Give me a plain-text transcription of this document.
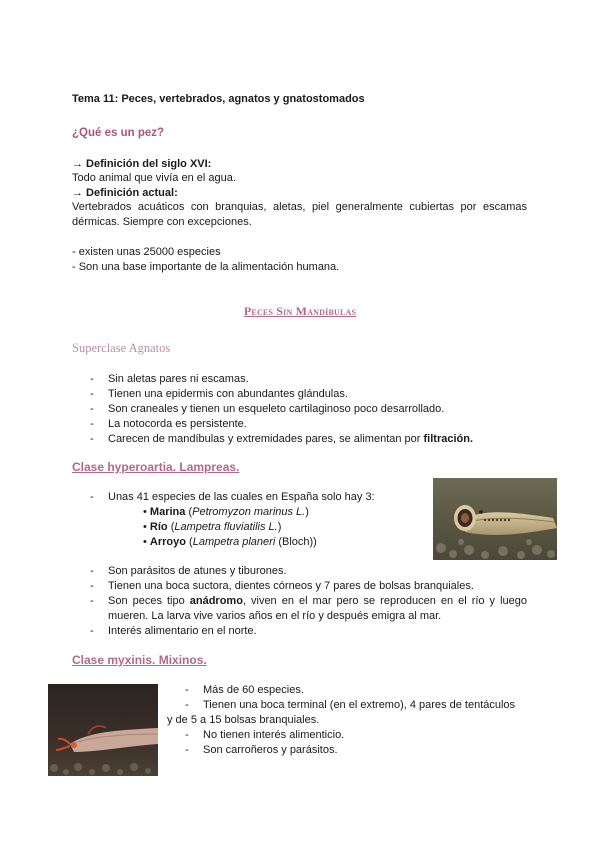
Tema 11: Peces, vertebrados, agnatos y gnatostomados
¿Qué es un pez?
→ Definición del siglo XVI:
Todo animal que vivía en el agua.
→ Definición actual:
Vertebrados acuáticos con branquias, aletas, piel generalmente cubiertas por escamas dérmicas. Siempre con excepciones.
- existen unas 25000 especies
- Son una base importante de la alimentación humana.
Peces Sin Mandíbulas
Superclase Agnatos
- Sin aletas pares ni escamas.
- Tienen una epidermis con abundantes glándulas.
- Son craneales y tienen un esqueleto cartilaginoso poco desarrollado.
- La notocorda es persistente.
- Carecen de mandíbulas y extremidades pares, se alimentan por filtración.
Clase hyperoartia. Lampreas.
- Unas 41 especies de las cuales en España solo hay 3:
• Marina (Petromyzon marinus L.)
• Río (Lampetra fluviatilis L.)
• Arroyo (Lampetra planeri (Bloch))
- Son parásitos de atunes y tiburones.
- Tienen una boca suctora, dientes córneos y 7 pares de bolsas branquiales.
- Son peces tipo anádromo, viven en el mar pero se reproducen en el río y luego mueren. La larva vive varios años en el río y después emigra al mar.
- Interés alimentario en el norte.
Clase myxinis. Mixinos.
- Más de 60 especies.
- Tienen una boca terminal (en el extremo), 4 pares de tentáculos
y de 5 a 15 bolsas branquiales.
- No tienen interés alimenticio.
- Son carroñeros y parásitos.
